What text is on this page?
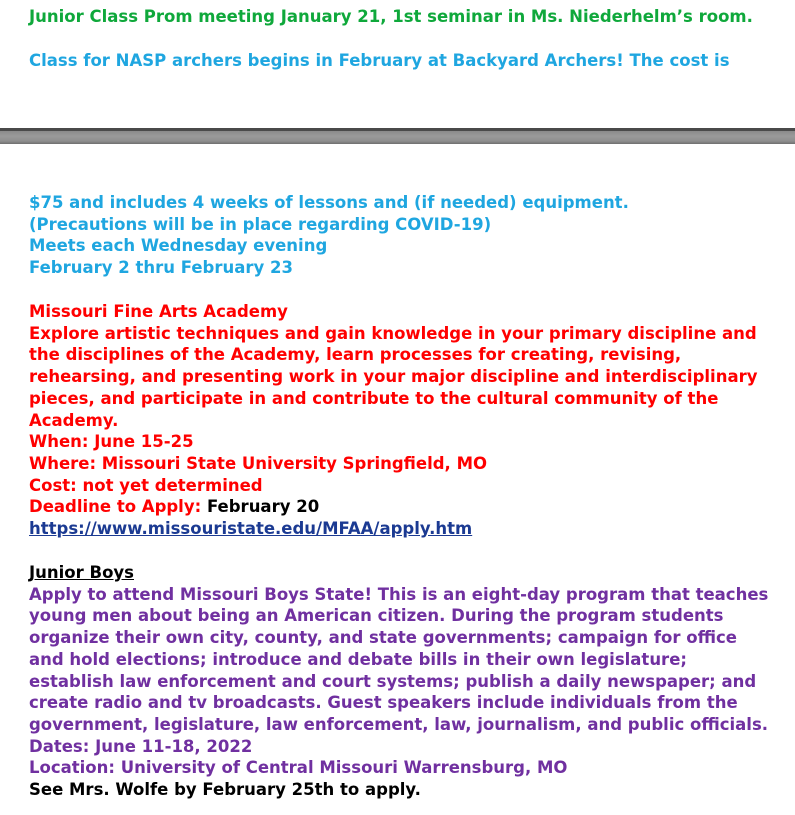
Junior Class Prom meeting January 21, 1st seminar in Ms. Niederhelm’s room.
Class for NASP archers begins in February at Backyard Archers! The cost is
$75 and includes 4 weeks of lessons and (if needed) equipment.
(Precautions will be in place regarding COVID-19)
Meets each Wednesday evening
February 2 thru February 23
Missouri Fine Arts Academy
Explore artistic techniques and gain knowledge in your primary discipline and
the disciplines of the Academy, learn processes for creating, revising,
rehearsing, and presenting work in your major discipline and interdisciplinary
pieces, and participate in and contribute to the cultural community of the
Academy.
When: June 15-25
Where: Missouri State University Springfield, MO
Cost: not yet determined
Deadline to Apply: February 20
https://www.missouristate.edu/MFAA/apply.htm
Junior Boys
Apply to attend Missouri Boys State! This is an eight-day program that teaches
young men about being an American citizen. During the program students
organize their own city, county, and state governments; campaign for office
and hold elections; introduce and debate bills in their own legislature;
establish law enforcement and court systems; publish a daily newspaper; and
create radio and tv broadcasts. Guest speakers include individuals from the
government, legislature, law enforcement, law, journalism, and public officials.
Dates: June 11-18, 2022
Location: University of Central Missouri Warrensburg, MO
See Mrs. Wolfe by February 25th to apply.
